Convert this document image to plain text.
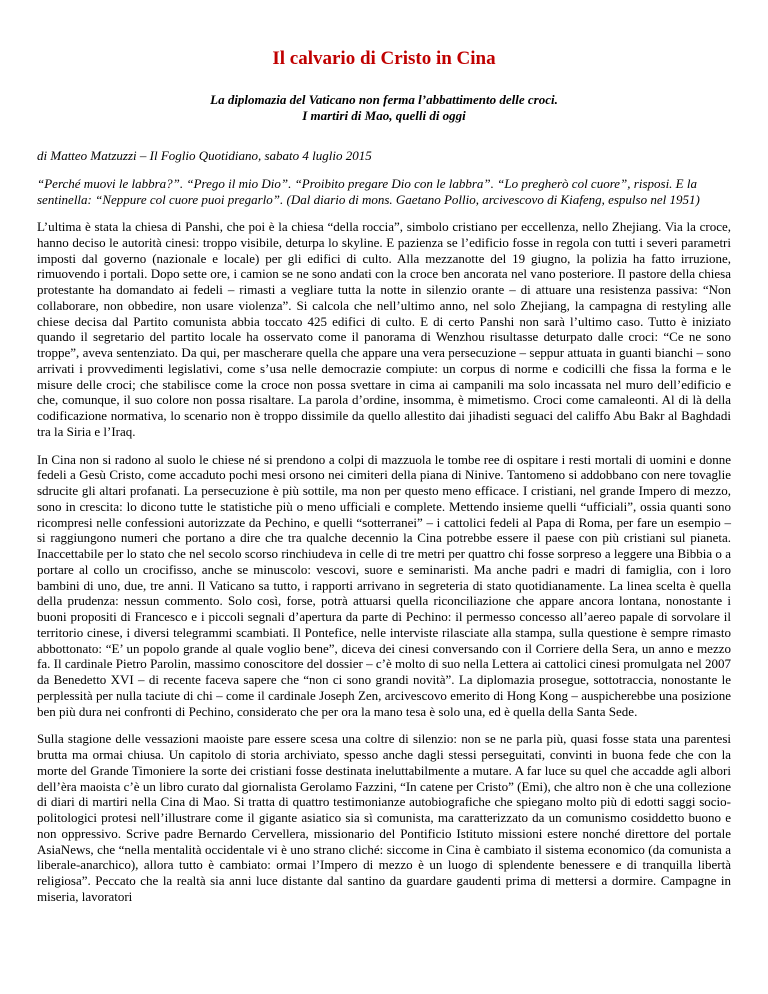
Il calvario di Cristo in Cina
La diplomazia del Vaticano non ferma l’abbattimento delle croci.
I martiri di Mao, quelli di oggi

di Matteo Matzuzzi – Il Foglio Quotidiano, sabato 4 luglio 2015

“Perché muovi le labbra?”. “Prego il mio Dio”. “Proibito pregare Dio con le labbra”. “Lo pregherò col cuore”, risposi. E la sentinella: “Neppure col cuore puoi pregarlo”. (Dal diario di mons. Gaetano Pollio, arcivescovo di Kiafeng, espulso nel 1951)

L’ultima è stata la chiesa di Panshi, che poi è la chiesa “della roccia”, simbolo cristiano per eccellenza, nello Zhejiang. Via la croce, hanno deciso le autorità cinesi: troppo visibile, deturpa lo skyline. E pazienza se l’edificio fosse in regola con tutti i severi parametri imposti dal governo (nazionale e locale) per gli edifici di culto. Alla mezzanotte del 19 giugno, la polizia ha fatto irruzione, rimuovendo i portali. Dopo sette ore, i camion se ne sono andati con la croce ben ancorata nel vano posteriore. Il pastore della chiesa protestante ha domandato ai fedeli – rimasti a vegliare tutta la notte in silenzio orante – di attuare una resistenza passiva: “Non collaborare, non obbedire, non usare violenza”. Si calcola che nell’ultimo anno, nel solo Zhejiang, la campagna di restyling alle chiese decisa dal Partito comunista abbia toccato 425 edifici di culto. E di certo Panshi non sarà l’ultimo caso. Tutto è iniziato quando il segretario del partito locale ha osservato come il panorama di Wenzhou risultasse deturpato dalle croci: “Ce ne sono troppe”, aveva sentenziato. Da qui, per mascherare quella che appare una vera persecuzione – seppur attuata in guanti bianchi – sono arrivati i provvedimenti legislativi, come s’usa nelle democrazie compiute: un corpus di norme e codicilli che fissa la forma e le misure delle croci; che stabilisce come la croce non possa svettare in cima ai campanili ma solo incassata nel muro dell’edificio e che, comunque, il suo colore non possa risaltare. La parola d’ordine, insomma, è mimetismo. Croci come camaleonti. Al di là della codificazione normativa, lo scenario non è troppo dissimile da quello allestito dai jihadisti seguaci del califfo Abu Bakr al Baghdadi tra la Siria e l’Iraq.

In Cina non si radono al suolo le chiese né si prendono a colpi di mazzuola le tombe ree di ospitare i resti mortali di uomini e donne fedeli a Gesù Cristo, come accaduto pochi mesi orsono nei cimiteri della piana di Ninive. Tantomeno si addobbano con nere tovaglie sdrucite gli altari profanati. La persecuzione è più sottile, ma non per questo meno efficace. I cristiani, nel grande Impero di mezzo, sono in crescita: lo dicono tutte le statistiche più o meno ufficiali e complete. Mettendo insieme quelli “ufficiali”, ossia quanti sono ricompresi nelle confessioni autorizzate da Pechino, e quelli “sotterranei” – i cattolici fedeli al Papa di Roma, per fare un esempio – si raggiungono numeri che portano a dire che tra qualche decennio la Cina potrebbe essere il paese con più cristiani sul pianeta. Inaccettabile per lo stato che nel secolo scorso rinchiudeva in celle di tre metri per quattro chi fosse sorpreso a leggere una Bibbia o a portare al collo un crocifisso, anche se minuscolo: vescovi, suore e seminaristi. Ma anche padri e madri di famiglia, con i loro bambini di uno, due, tre anni. Il Vaticano sa tutto, i rapporti arrivano in segreteria di stato quotidianamente. La linea scelta è quella della prudenza: nessun commento. Solo così, forse, potrà attuarsi quella riconciliazione che appare ancora lontana, nonostante i buoni propositi di Francesco e i piccoli segnali d’apertura da parte di Pechino: il permesso concesso all’aereo papale di sorvolare il territorio cinese, i diversi telegrammi scambiati. Il Pontefice, nelle interviste rilasciate alla stampa, sulla questione è sempre rimasto abbottonato: “E’ un popolo grande al quale voglio bene”, diceva dei cinesi conversando con il Corriere della Sera, un anno e mezzo fa. Il cardinale Pietro Parolin, massimo conoscitore del dossier – c’è molto di suo nella Lettera ai cattolici cinesi promulgata nel 2007 da Benedetto XVI – di recente faceva sapere che “non ci sono grandi novità”. La diplomazia prosegue, sottotraccia, nonostante le perplessità per nulla taciute di chi – come il cardinale Joseph Zen, arcivescovo emerito di Hong Kong – auspicherebbe una posizione ben più dura nei confronti di Pechino, considerato che per ora la mano tesa è solo una, ed è quella della Santa Sede.

Sulla stagione delle vessazioni maoiste pare essere scesa una coltre di silenzio: non se ne parla più, quasi fosse stata una parentesi brutta ma ormai chiusa. Un capitolo di storia archiviato, spesso anche dagli stessi perseguitati, convinti in buona fede che con la morte del Grande Timoniere la sorte dei cristiani fosse destinata ineluttabilmente a mutare. A far luce su quel che accadde agli albori dell’èra maoista c’è un libro curato dal giornalista Gerolamo Fazzini, “In catene per Cristo” (Emi), che altro non è che una collezione di diari di martiri nella Cina di Mao. Si tratta di quattro testimonianze autobiografiche che spiegano molto più di edotti saggi socio-politologici protesi nell’illustrare come il gigante asiatico sia sì comunista, ma caratterizzato da un comunismo cosiddetto buono e non oppressivo. Scrive padre Bernardo Cervellera, missionario del Pontificio Istituto missioni estere nonché direttore del portale AsiaNews, che “nella mentalità occidentale vi è uno strano cliché: siccome in Cina è cambiato il sistema economico (da comunista a liberale-anarchico), allora tutto è cambiato: ormai l’Impero di mezzo è un luogo di splendente benessere e di tranquilla libertà religiosa”. Peccato che la realtà sia anni luce distante dal santino da guardare gaudenti prima di mettersi a dormire. Campagne in miseria, lavoratori
